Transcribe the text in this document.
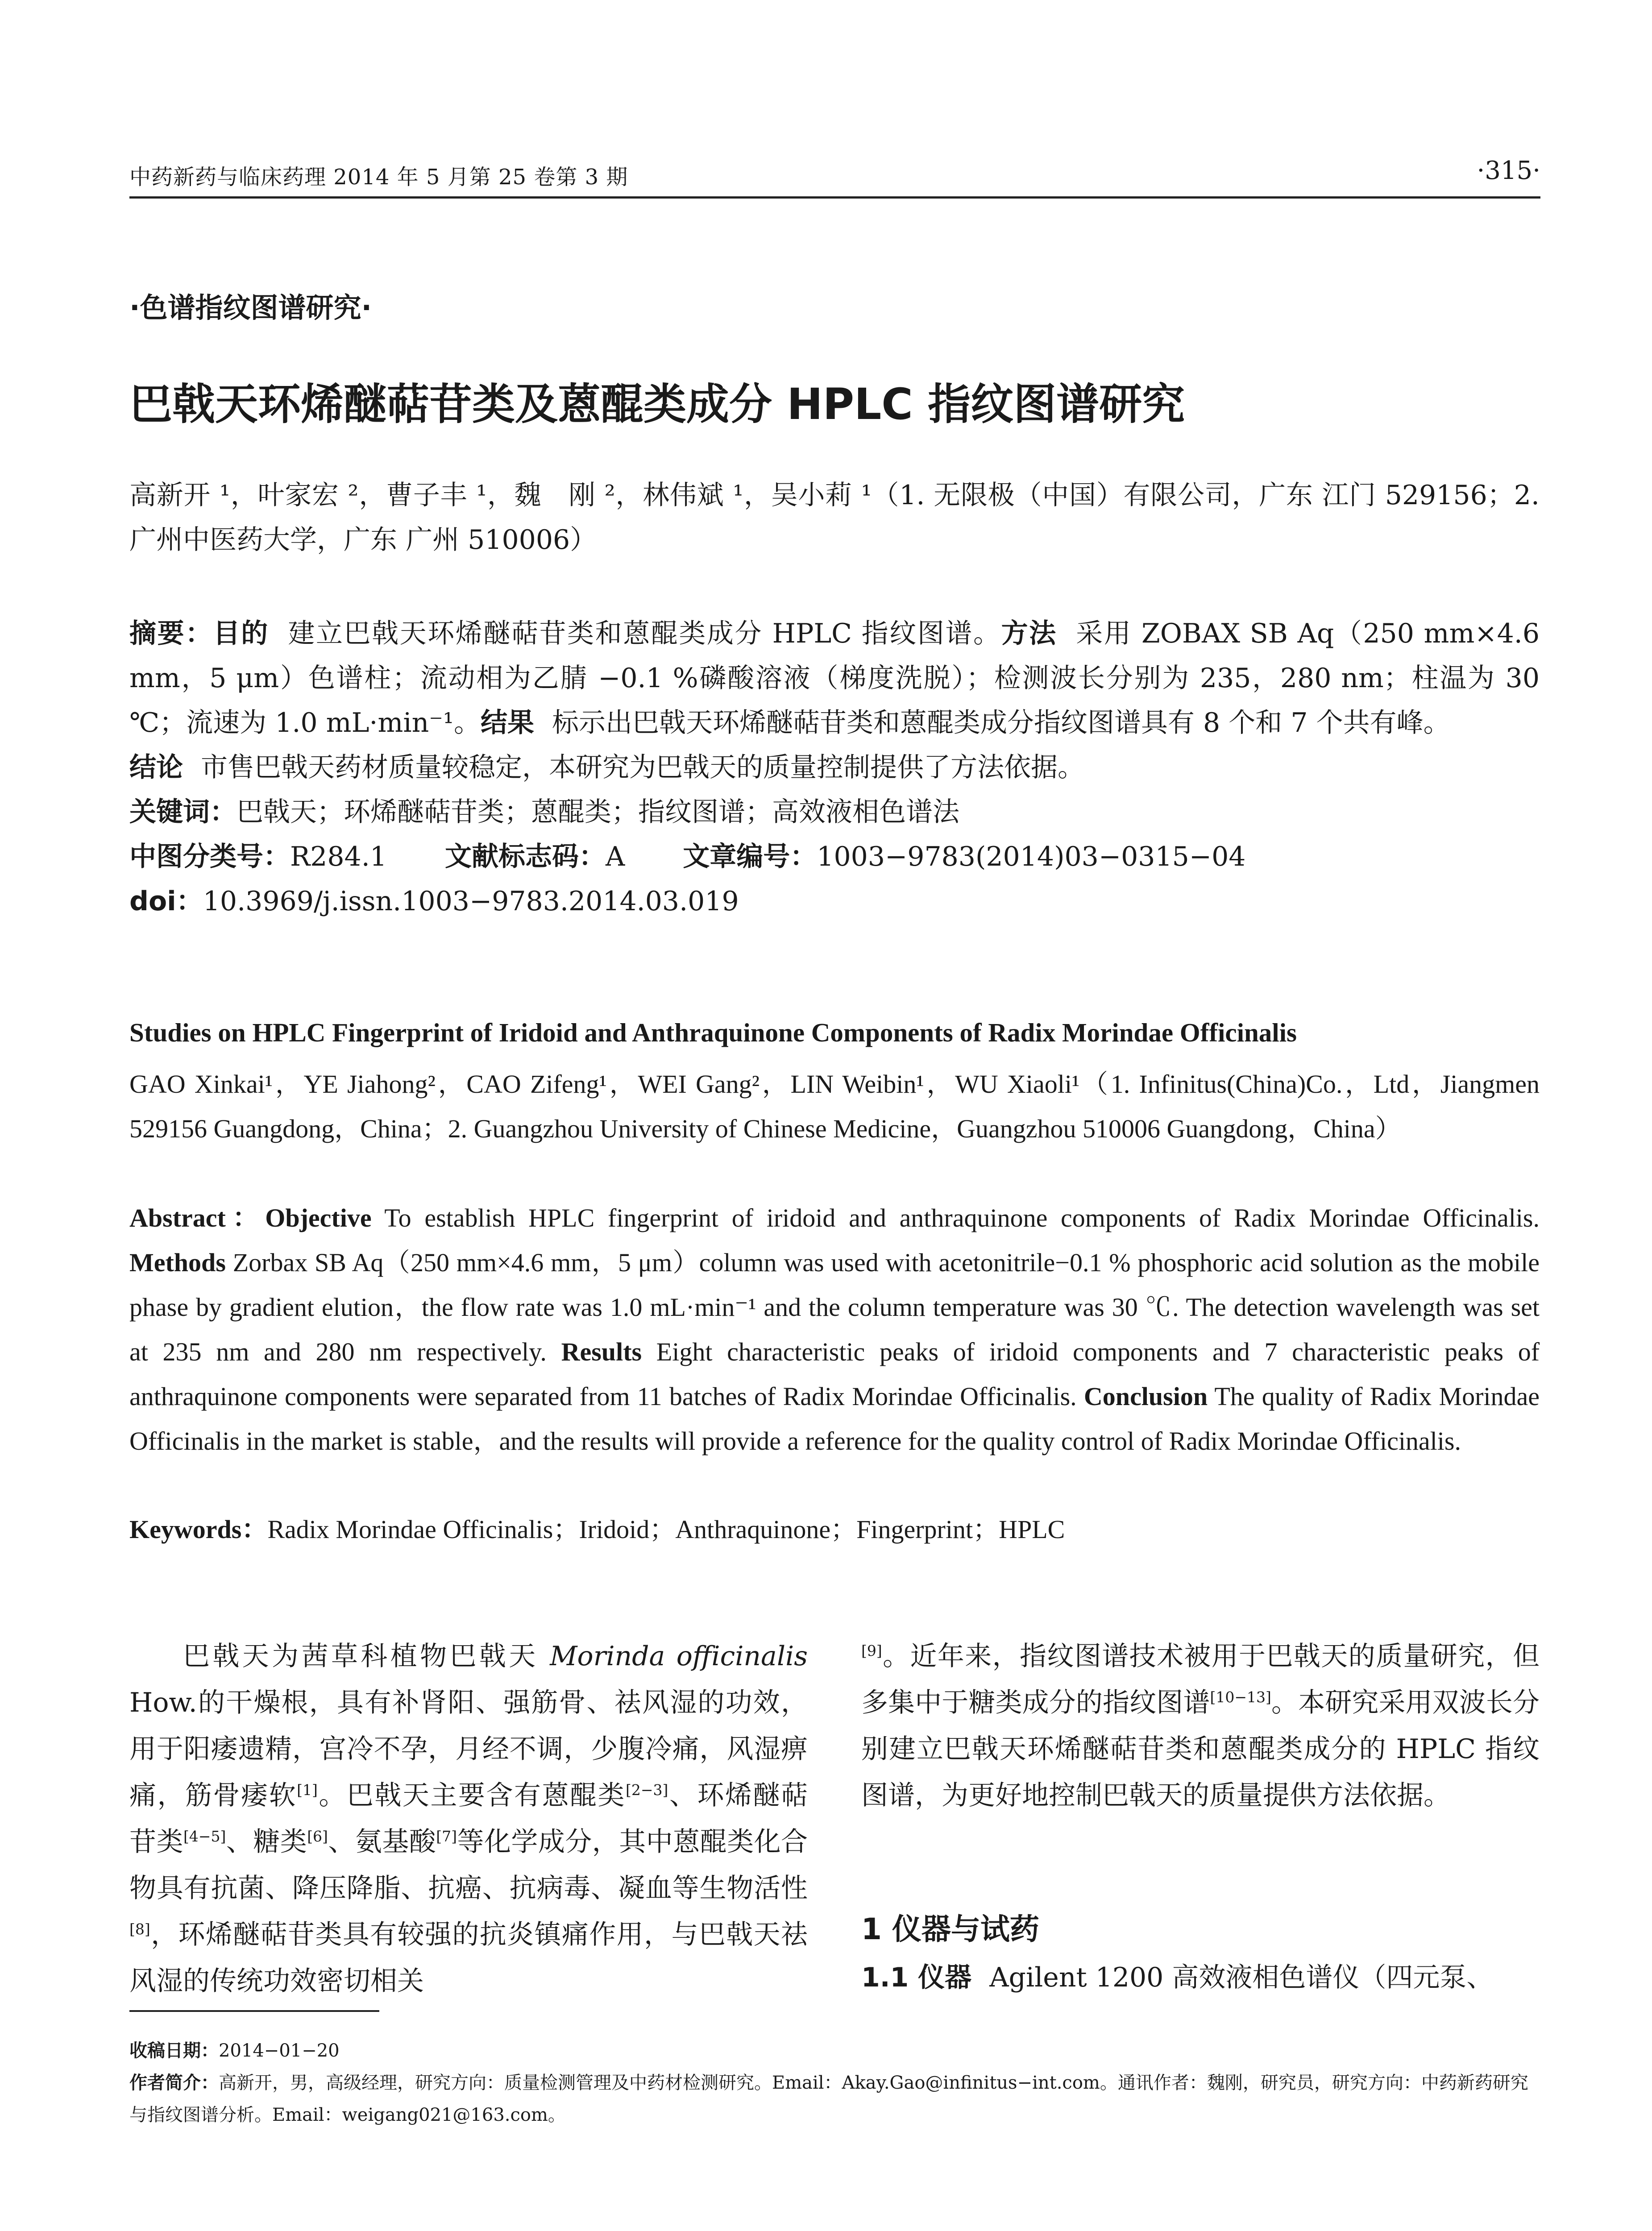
中药新药与临床药理 2014 年 5 月第 25 卷第 3 期	·315·
·色谱指纹图谱研究·
巴戟天环烯醚萜苷类及蒽醌类成分 HPLC 指纹图谱研究
高新开 ¹，叶家宏 ²，曹子丰 ¹，魏　刚 ²，林伟斌 ¹，吴小莉 ¹（1. 无限极（中国）有限公司，广东 江门 529156；2. 广州中医药大学，广东 广州 510006）
摘要：目的 建立巴戟天环烯醚萜苷类和蒽醌类成分 HPLC 指纹图谱。方法 采用 ZOBAX SB Aq（250 mm×4.6 mm，5 μm）色谱柱；流动相为乙腈 −0.1 %磷酸溶液（梯度洗脱）；检测波长分别为 235，280 nm；柱温为 30 ℃；流速为 1.0 mL·min⁻¹。结果 标示出巴戟天环烯醚萜苷类和蒽醌类成分指纹图谱具有 8 个和 7 个共有峰。
结论 市售巴戟天药材质量较稳定，本研究为巴戟天的质量控制提供了方法依据。
关键词：巴戟天；环烯醚萜苷类；蒽醌类；指纹图谱；高效液相色谱法
中图分类号：R284.1 文献标志码：A 文章编号：1003−9783(2014)03−0315−04
doi：10.3969/j.issn.1003−9783.2014.03.019
Studies on HPLC Fingerprint of Iridoid and Anthraquinone Components of Radix Morindae Officinalis
GAO Xinkai¹，YE Jiahong²，CAO Zifeng¹，WEI Gang²，LIN Weibin¹，WU Xiaoli¹（1. Infinitus(China)Co.，Ltd，Jiangmen 529156 Guangdong，China；2. Guangzhou University of Chinese Medicine，Guangzhou 510006 Guangdong，China）
Abstract：Objective To establish HPLC fingerprint of iridoid and anthraquinone components of Radix Morindae Officinalis. Methods Zorbax SB Aq（250 mm×4.6 mm，5 μm）column was used with acetonitrile−0.1 % phosphoric acid solution as the mobile phase by gradient elution，the flow rate was 1.0 mL·min⁻¹ and the column temperature was 30 ℃. The detection wavelength was set at 235 nm and 280 nm respectively. Results Eight characteristic peaks of iridoid components and 7 characteristic peaks of anthraquinone components were separated from 11 batches of Radix Morindae Officinalis. Conclusion The quality of Radix Morindae Officinalis in the market is stable，and the results will provide a reference for the quality control of Radix Morindae Officinalis.
Keywords：Radix Morindae Officinalis；Iridoid；Anthraquinone；Fingerprint；HPLC
巴戟天为茜草科植物巴戟天 Morinda officinalis How.的干燥根，具有补肾阳、强筋骨、祛风湿的功效，用于阳痿遗精，宫冷不孕，月经不调，少腹冷痛，风湿痹痛，筋骨痿软[1]。巴戟天主要含有蒽醌类[2−3]、环烯醚萜苷类[4−5]、糖类[6]、氨基酸[7]等化学成分，其中蒽醌类化合物具有抗菌、降压降脂、抗癌、抗病毒、凝血等生物活性[8]，环烯醚萜苷类具有较强的抗炎镇痛作用，与巴戟天祛风湿的传统功效密切相关
[9]。近年来，指纹图谱技术被用于巴戟天的质量研究，但多集中于糖类成分的指纹图谱[10−13]。本研究采用双波长分别建立巴戟天环烯醚萜苷类和蒽醌类成分的 HPLC 指纹图谱，为更好地控制巴戟天的质量提供方法依据。
1 仪器与试药
1.1 仪器 Agilent 1200 高效液相色谱仪（四元泵、
收稿日期：2014−01−20
作者简介：高新开，男，高级经理，研究方向：质量检测管理及中药材检测研究。Email：Akay.Gao@infinitus−int.com。通讯作者：魏刚，研究员，研究方向：中药新药研究与指纹图谱分析。Email：weigang021@163.com。
